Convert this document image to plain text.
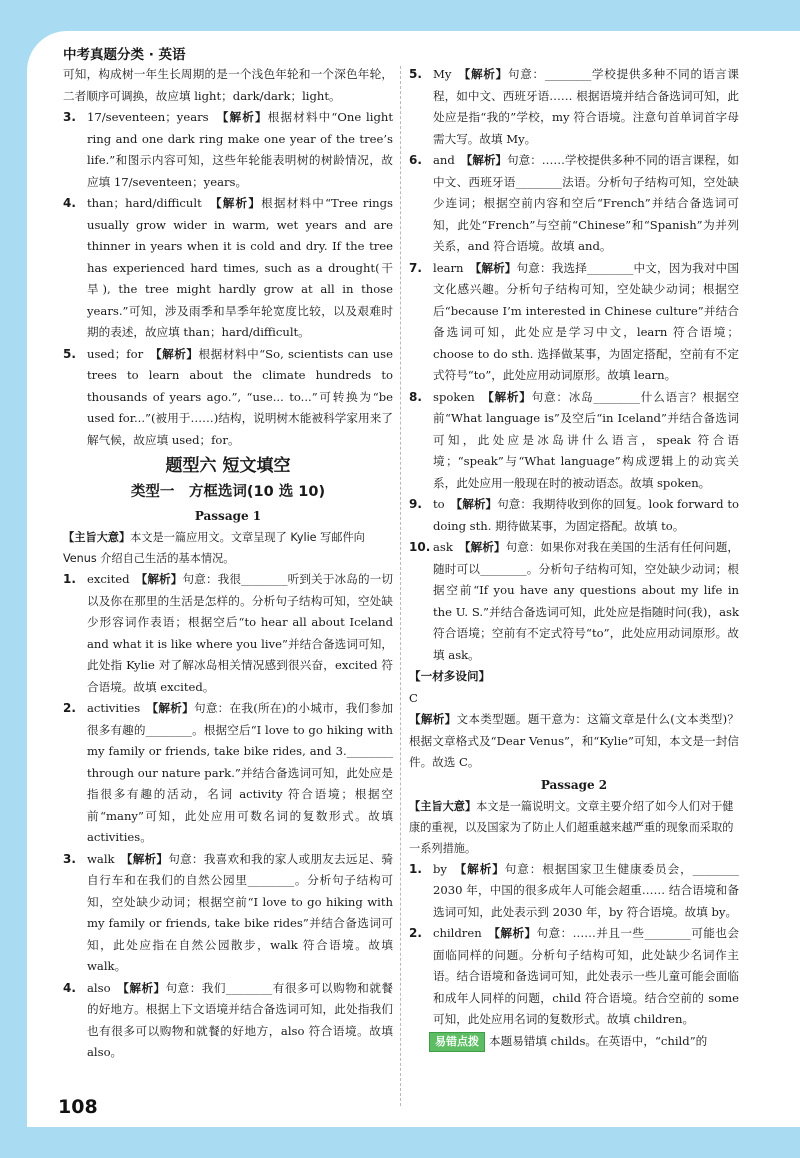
中考真题分类 · 英语
可知，构成树一年生长周期的是一个浅色年轮和一个深色年轮，二者顺序可调换，故应填 light；dark/dark；light。
3. 17/seventeen；years　 【解析】根据材料中“One light ring and one dark ring make one year of the tree’s life.”和图示内容可知，这些年轮能表明树的树龄情况，故应填 17/seventeen；years。
4. than；hard/difficult　 【解析】根据材料中“Tree rings usually grow wider in warm, wet years and are thinner in years when it is cold and dry. If the tree has experienced hard times, such as a drought(干旱), the tree might hardly grow at all in those years.”可知，涉及雨季和旱季年轮宽度比较，以及艰难时期的表述，故应填 than；hard/difficult。
5. used；for　 【解析】根据材料中“So, scientists can use trees to learn about the climate hundreds to thousands of years ago.”, “use... to...”可转换为“be used for...”(被用于……)结构，说明树木能被科学家用来了解气候，故应填 used；for。
题型六 短文填空
类型一　方框选词(10 选 10)
Passage 1
【主旨大意】本文是一篇应用文。文章呈现了 Kylie 写邮件向 Venus 介绍自己生活的基本情况。
1. excited　 【解析】句意：我很________听到关于冰岛的一切以及你在那里的生活是怎样的。分析句子结构可知，空处缺少形容词作表语；根据空后“to hear all about Iceland and what it is like where you live”并结合备选词可知，此处指 Kylie 对了解冰岛相关情况感到很兴奋，excited 符合语境。故填 excited。
2. activities　 【解析】句意：在我(所在)的小城市，我们参加很多有趣的________。根据空后“I love to go hiking with my family or friends, take bike rides, and 3.________ through our nature park.”并结合备选词可知，此处应是指很多有趣的活动，名词 activity 符合语境；根据空前“many”可知，此处应用可数名词的复数形式。故填 activities。
3. walk　 【解析】句意：我喜欢和我的家人或朋友去远足、骑自行车和在我们的自然公园里________。分析句子结构可知，空处缺少动词；根据空前“I love to go hiking with my family or friends, take bike rides”并结合备选词可知，此处应指在自然公园散步，walk 符合语境。故填 walk。
4. also　 【解析】句意：我们________有很多可以购物和就餐的好地方。根据上下文语境并结合备选词可知，此处指我们也有很多可以购物和就餐的好地方，also 符合语境。故填 also。
5. My　 【解析】句意：________学校提供多种不同的语言课程，如中文、西班牙语…… 根据语境并结合备选词可知，此处应是指“我的”学校，my 符合语境。注意句首单词首字母需大写。故填 My。
6. and　 【解析】句意：……学校提供多种不同的语言课程，如中文、西班牙语________法语。分析句子结构可知，空处缺少连词；根据空前内容和空后“French”并结合备选词可知，此处“French”与空前“Chinese”和“Spanish”为并列关系，and 符合语境。故填 and。
7. learn　 【解析】句意：我选择________中文，因为我对中国文化感兴趣。分析句子结构可知，空处缺少动词；根据空后“because I’m interested in Chinese culture”并结合备选词可知，此处应是学习中文，learn 符合语境；choose to do sth. 选择做某事，为固定搭配，空前有不定式符号“to”，此处应用动词原形。故填 learn。
8. spoken　 【解析】句意：冰岛________什么语言？根据空前“What language is”及空后“in Iceland”并结合备选词可知，此处应是冰岛讲什么语言，speak 符合语境；“speak”与“What language”构成逻辑上的动宾关系，此处应用一般现在时的被动语态。故填 spoken。
9. to　 【解析】句意：我期待收到你的回复。look forward to doing sth. 期待做某事，为固定搭配。故填 to。
10. ask　 【解析】句意：如果你对我在美国的生活有任何问题，随时可以________。分析句子结构可知，空处缺少动词；根据空前“If you have any questions about my life in the U. S.”并结合备选词可知，此处应是指随时问(我)，ask 符合语境；空前有不定式符号“to”，此处应用动词原形。故填 ask。
【一材多设问】
C
【解析】文本类型题。题干意为：这篇文章是什么(文本类型)？根据文章格式及“Dear Venus”，和“Kylie”可知，本文是一封信件。故选 C。
Passage 2
【主旨大意】本文是一篇说明文。文章主要介绍了如今人们对于健康的重视，以及国家为了防止人们超重越来越严重的现象而采取的一系列措施。
1. by　 【解析】句意：根据国家卫生健康委员会，________ 2030 年，中国的很多成年人可能会超重…… 结合语境和备选词可知，此处表示到 2030 年，by 符合语境。故填 by。
2. children　 【解析】句意：……并且一些________可能也会面临同样的问题。分析句子结构可知，此处缺少名词作主语。结合语境和备选词可知，此处表示一些儿童可能会面临和成年人同样的问题，child 符合语境。结合空前的 some 可知，此处应用名词的复数形式。故填 children。
易错点拨 本题易错填 childs。在英语中，“child”的
108
